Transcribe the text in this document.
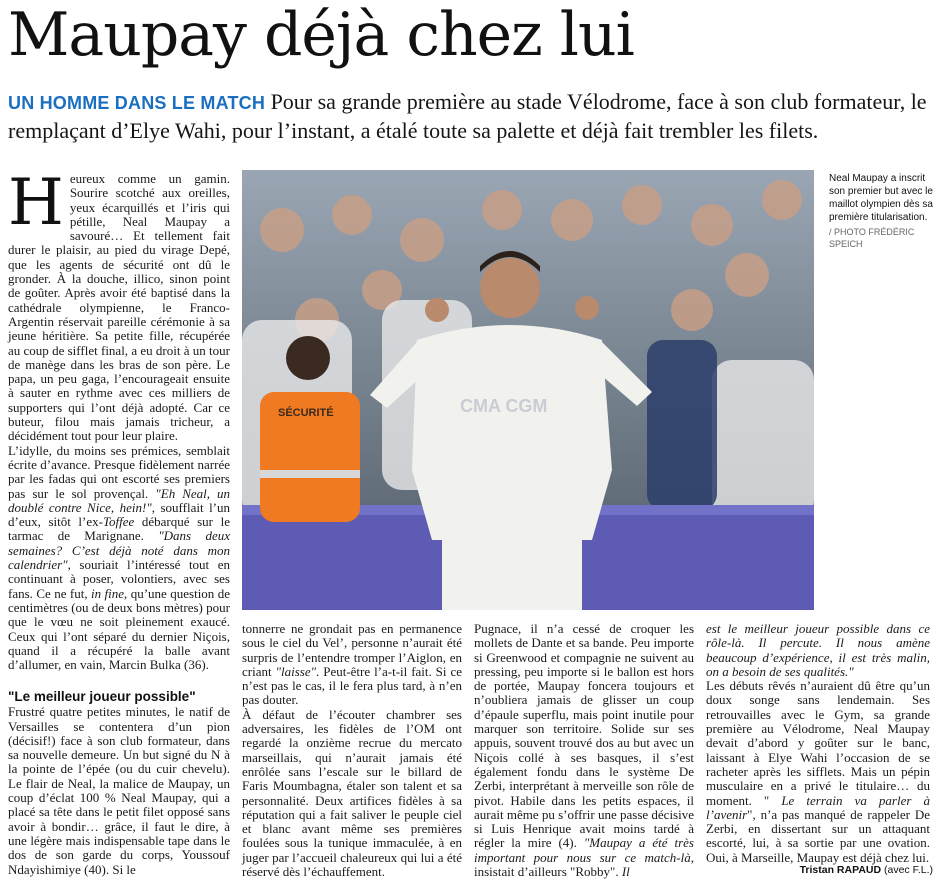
Maupay déjà chez lui
UN HOMME DANS LE MATCH Pour sa grande première au stade Vélodrome, face à son club formateur, le remplaçant d’Elye Wahi, pour l’instant, a étalé toute sa palette et déjà fait trembler les filets.
H eureux comme un gamin. Sourire scotché aux oreilles, yeux écarquillés et l’iris qui pétille, Neal Maupay a savouré… Et tellement fait durer le plaisir, au pied du virage Depé, que les agents de sécurité ont dû le gronder. À la douche, illico, sinon point de goûter. Après avoir été baptisé dans la cathédrale olympienne, le Franco-Argentin réservait pareille cérémonie à sa jeune héritière. Sa petite fille, récupérée au coup de sifflet final, a eu droit à un tour de manège dans les bras de son père. Le papa, un peu gaga, l’encourageait ensuite à sauter en rythme avec ces milliers de supporters qui l’ont déjà adopté. Car ce buteur, filou mais jamais tricheur, a décidément tout pour leur plaire.

L’idylle, du moins ses prémices, semblait écrite d’avance. Presque fidèlement narrée par les fadas qui ont escorté ses premiers pas sur le sol provençal. "Eh Neal, un doublé contre Nice, hein!", soufflait l’un d’eux, sitôt l’ex-Toffee débarqué sur le tarmac de Marignane. "Dans deux semaines? C’est déjà noté dans mon calendrier", souriait l’intéressé tout en continuant à poser, volontiers, avec ses fans. Ce ne fut, in fine, qu’une question de centimètres (ou de deux bons mètres) pour que le vœu ne soit pleinement exaucé. Ceux qui l’ont séparé du dernier Niçois, quand il a récupéré la balle avant d’allumer, en vain, Marcin Bulka (36).

"Le meilleur joueur possible"

Frustré quatre petites minutes, le natif de Versailles se contentera d’un pion (décisif!) face à son club formateur, dans sa nouvelle demeure. Un but signé du N à la pointe de l’épée (ou du cuir chevelu). Le flair de Neal, la malice de Maupay, un coup d’éclat 100 % Neal Maupay, qui a placé sa tête dans le petit filet opposé sans avoir à bondir… grâce, il faut le dire, à une légère mais indispensable tape dans le dos de son garde du corps, Youssouf Ndayishimiye (40). Si le

SÉCURITÉ	CMA CGM
Neal Maupay a inscrit son premier but avec le maillot olympien dès sa première titularisation.
/ PHOTO FRÉDÉRIC SPEICH

tonnerre ne grondait pas en permanence sous le ciel du Vel’, personne n’aurait été surpris de l’entendre tromper l’Aiglon, en criant "laisse". Peut-être l’a-t-il fait. Si ce n’est pas le cas, il le fera plus tard, à n’en pas douter.

À défaut de l’écouter chambrer ses adversaires, les fidèles de l’OM ont regardé la onzième recrue du mercato marseillais, qui n’aurait jamais été enrôlée sans l’escale sur le billard de Faris Moumbagna, étaler son talent et sa personnalité. Deux artifices fidèles à sa réputation qui a fait saliver le peuple ciel et blanc avant même ses premières foulées sous la tunique immaculée, à en juger par l’accueil chaleureux qui lui a été réservé dès l’échauffement.

Pugnace, il n’a cessé de croquer les mollets de Dante et sa bande. Peu importe si Greenwood et compagnie ne suivent au pressing, peu importe si le ballon est hors de portée, Maupay foncera toujours et n’oubliera jamais de glisser un coup d’épaule superflu, mais point inutile pour marquer son territoire. Solide sur ses appuis, souvent trouvé dos au but avec un Niçois collé à ses basques, il s’est également fondu dans le système De Zerbi, interprétant à merveille son rôle de pivot. Habile dans les petits espaces, il aurait même pu s’offrir une passe décisive si Luis Henrique avait moins tardé à régler la mire (4). "Maupay a été très important pour nous sur ce match-là, insistait d’ailleurs "Robby". Il

est le meilleur joueur possible dans ce rôle-là. Il percute. Il nous amène beaucoup d’expérience, il est très malin, on a besoin de ses qualités."

Les débuts rêvés n’auraient dû être qu’un doux songe sans lendemain. Ses retrouvailles avec le Gym, sa grande première au Vélodrome, Neal Maupay devait d’abord y goûter sur le banc, laissant à Elye Wahi l’occasion de se racheter après les sifflets. Mais un pépin musculaire en a privé le titulaire… du moment. " Le terrain va parler à l’avenir", n’a pas manqué de rappeler De Zerbi, en dissertant sur un attaquant escorté, lui, à sa sortie par une ovation. Oui, à Marseille, Maupay est déjà chez lui.

Tristan RAPAUD (avec F.L.)
